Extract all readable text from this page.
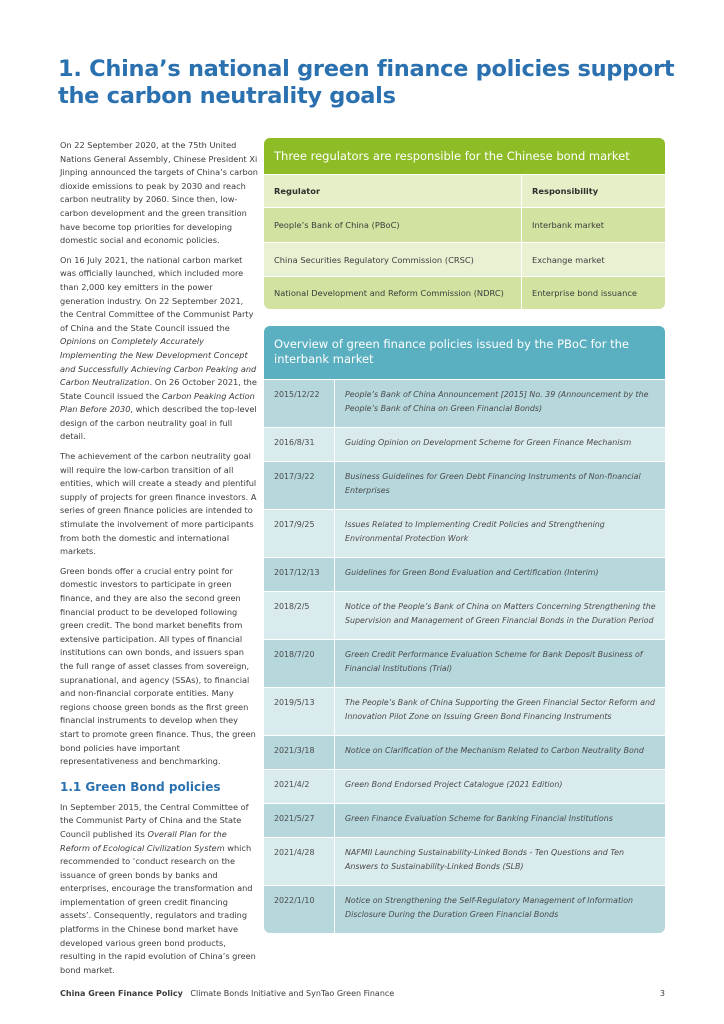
1. China’s national green finance policies support the carbon neutrality goals

On 22 September 2020, at the 75th United Nations General Assembly, Chinese President Xi Jinping announced the targets of China’s carbon dioxide emissions to peak by 2030 and reach carbon neutrality by 2060. Since then, low-carbon development and the green transition have become top priorities for developing domestic social and economic policies.

On 16 July 2021, the national carbon market was officially launched, which included more than 2,000 key emitters in the power generation industry. On 22 September 2021, the Central Committee of the Communist Party of China and the State Council issued the Opinions on Completely Accurately Implementing the New Development Concept and Successfully Achieving Carbon Peaking and Carbon Neutralization. On 26 October 2021, the State Council issued the Carbon Peaking Action Plan Before 2030, which described the top-level design of the carbon neutrality goal in full detail.

The achievement of the carbon neutrality goal will require the low-carbon transition of all entities, which will create a steady and plentiful supply of projects for green finance investors. A series of green finance policies are intended to stimulate the involvement of more participants from both the domestic and international markets.

Green bonds offer a crucial entry point for domestic investors to participate in green finance, and they are also the second green financial product to be developed following green credit. The bond market benefits from extensive participation. All types of financial institutions can own bonds, and issuers span the full range of asset classes from sovereign, supranational, and agency (SSAs), to financial and non-financial corporate entities. Many regions choose green bonds as the first green financial instruments to develop when they start to promote green finance. Thus, the green bond policies have important representativeness and benchmarking.

1.1 Green Bond policies

In September 2015, the Central Committee of the Communist Party of China and the State Council published its Overall Plan for the Reform of Ecological Civilization System which recommended to ‘conduct research on the issuance of green bonds by banks and enterprises, encourage the transformation and implementation of green credit financing assets’. Consequently, regulators and trading platforms in the Chinese bond market have developed various green bond products, resulting in the rapid evolution of China’s green bond market.

Three regulators are responsible for the Chinese bond market
Regulator	Responsibility
People’s Bank of China (PBoC)	Interbank market
China Securities Regulatory Commission (CRSC)	Exchange market
National Development and Reform Commission (NDRC)	Enterprise bond issuance
Overview of green finance policies issued by the PBoC for the interbank market
2015/12/22	People’s Bank of China Announcement [2015] No. 39 (Announcement by the People’s Bank of China on Green Financial Bonds)
2016/8/31	Guiding Opinion on Development Scheme for Green Finance Mechanism
2017/3/22	Business Guidelines for Green Debt Financing Instruments of Non-financial Enterprises
2017/9/25	Issues Related to Implementing Credit Policies and Strengthening Environmental Protection Work
2017/12/13	Guidelines for Green Bond Evaluation and Certification (Interim)
2018/2/5	Notice of the People’s Bank of China on Matters Concerning Strengthening the Supervision and Management of Green Financial Bonds in the Duration Period
2018/7/20	Green Credit Performance Evaluation Scheme for Bank Deposit Business of Financial Institutions (Trial)
2019/5/13	The People’s Bank of China Supporting the Green Financial Sector Reform and Innovation Pilot Zone on Issuing Green Bond Financing Instruments
2021/3/18	Notice on Clarification of the Mechanism Related to Carbon Neutrality Bond
2021/4/2	Green Bond Endorsed Project Catalogue (2021 Edition)
2021/5/27	Green Finance Evaluation Scheme for Banking Financial Institutions
2021/4/28	NAFMII Launching Sustainability-Linked Bonds - Ten Questions and Ten Answers to Sustainability-Linked Bonds (SLB)
2022/1/10	Notice on Strengthening the Self-Regulatory Management of Information Disclosure During the Duration Green Financial Bonds
China Green Finance Policy Climate Bonds Initiative and SynTao Green Finance	3
